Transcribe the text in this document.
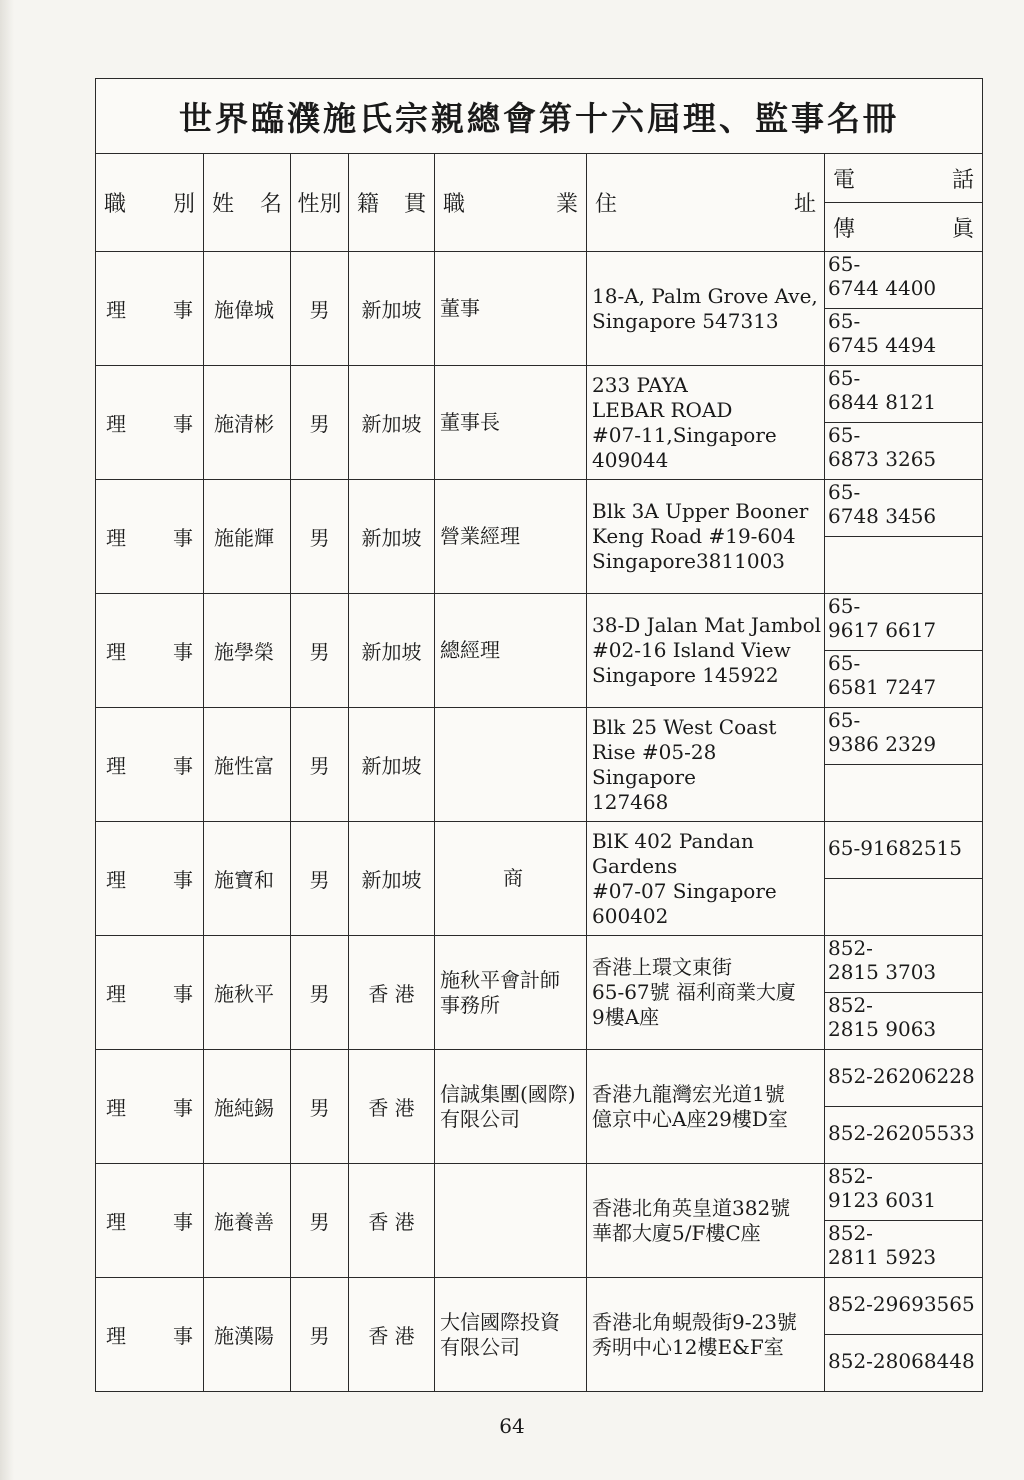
世界臨濮施氏宗親總會第十六屆理、監事名冊						

職 別	姓 名	性別	籍 貫	職 業	住 址	電 話

						傳 眞

理 事	施偉城	男	新加坡	董事	18-A, Palm Grove Ave, Singapore 547313	65-
6744 4400

						65-
6745 4494

理 事	施清彬	男	新加坡	董事長	233 PAYA
LEBAR ROAD
#07-11,Singapore
409044	65-
6844 8121

						65-
6873 3265

理 事	施能輝	男	新加坡	營業經理	Blk 3A Upper Booner
Keng Road #19-604
Singapore3811003	65-
6748 3456

理 事	施學榮	男	新加坡	總經理	38-D Jalan Mat Jambol
#02-16 Island View
Singapore 145922	65-
9617 6617

						65-
6581 7247

理 事	施性富	男	新加坡		Blk 25 West Coast
Rise #05-28 Singapore
127468	65-
9386 2329

理 事	施寶和	男	新加坡	商	BlK 402 Pandan Gardens
#07-07 Singapore
600402	65-91682515

理 事	施秋平	男	香 港	施秋平會計師
事務所	香港上環文東街
65-67號 福利商業大廈
9樓A座	852-
2815 3703

						852-
2815 9063

理 事	施純錫	男	香 港	信誠集團(國際)
有限公司	香港九龍灣宏光道1號
億京中心A座29樓D室	852-26206228

						852-26205533

理 事	施養善	男	香 港		香港北角英皇道382號
華都大廈5/F樓C座	852-
9123 6031

						852-
2811 5923

理 事	施漢陽	男	香 港	大信國際投資
有限公司	香港北角蜆殼街9-23號
秀明中心12樓E&F室	852-29693565

						852-28068448
64
